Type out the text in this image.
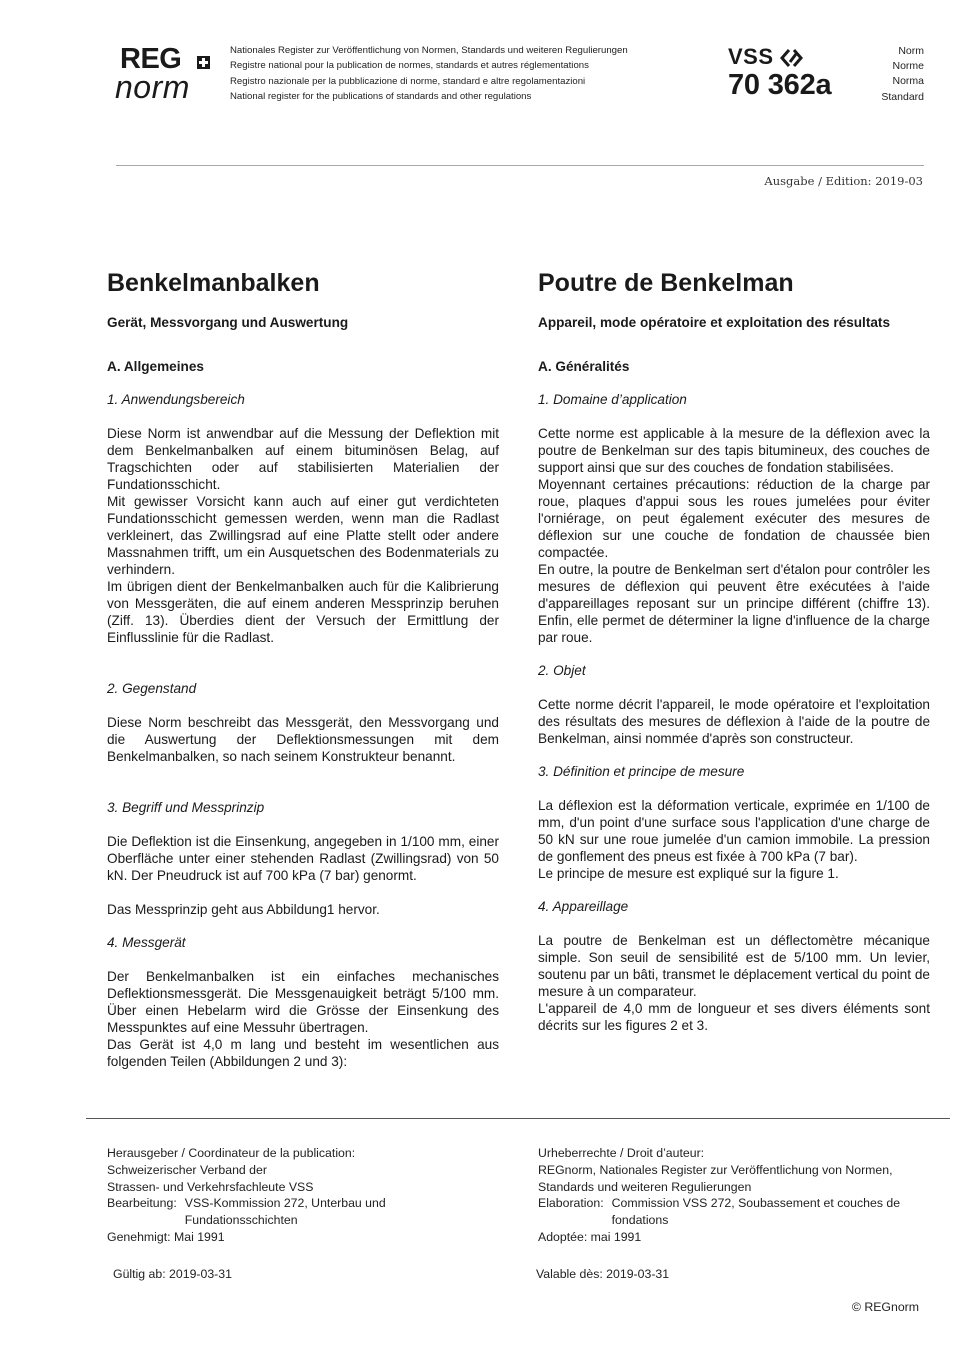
REG
norm
Nationales Register zur Veröffentlichung von Normen, Standards und weiteren Regulierungen
Registre national pour la publication de normes, standards et autres réglementations
Registro nazionale per la pubblicazione di norme, standard e altre regolamentazioni
National register for the publications of standards and other regulations
VSS
70 362a
Norm
Norme
Norma
Standard
Ausgabe / Edition: 2019-03
Benkelmanbalken
Gerät, Messvorgang und Auswertung
A. Allgemeines
1. Anwendungsbereich

Diese Norm ist anwendbar auf die Messung der Deflektion mit dem Benkelmanbalken auf einem bituminösen Belag, auf Tragschichten oder auf stabilisierten Materialien der Fundationsschicht.

Mit gewisser Vorsicht kann auch auf einer gut verdichteten Fundationsschicht gemessen werden, wenn man die Radlast verkleinert, das Zwillingsrad auf eine Platte stellt oder andere Massnahmen trifft, um ein Ausquetschen des Bodenmaterials zu verhindern.

Im übrigen dient der Benkelmanbalken auch für die Kalibrierung von Messgeräten, die auf einem anderen Messprinzip beruhen (Ziff. 13). Überdies dient der Versuch der Ermittlung der Einflusslinie für die Radlast.

2. Gegenstand

Diese Norm beschreibt das Messgerät, den Messvorgang und die Auswertung der Deflektionsmessungen mit dem Benkelmanbalken, so nach seinem Konstrukteur benannt.

3. Begriff und Messprinzip

Die Deflektion ist die Einsenkung, angegeben in 1/100 mm, einer Oberfläche unter einer stehenden Radlast (Zwillingsrad) von 50 kN. Der Pneudruck ist auf 700 kPa (7 bar) genormt.

Das Messprinzip geht aus Abbildung1 hervor.

4. Messgerät

Der Benkelmanbalken ist ein einfaches mechanisches Deflektionsmessgerät. Die Messgenauigkeit beträgt 5/100 mm. Über einen Hebelarm wird die Grösse der Einsenkung des Messpunktes auf eine Messuhr übertragen.

Das Gerät ist 4,0 m lang und besteht im wesentlichen aus folgenden Teilen (Abbildungen 2 und 3):

Poutre de Benkelman
Appareil, mode opératoire et exploitation des résultats
A. Généralités
1. Domaine d’application

Cette norme est applicable à la mesure de la déflexion avec la poutre de Benkelman sur des tapis bitumineux, des couches de support ainsi que sur des couches de fondation stabilisées.

Moyennant certaines précautions: réduction de la charge par roue, plaques d'appui sous les roues jumelées pour éviter l'orniérage, on peut également exécuter des mesures de déflexion sur une couche de fondation de chaussée bien compactée.

En outre, la poutre de Benkelman sert d'étalon pour contrôler les mesures de déflexion qui peuvent être exécutées à l'aide d'appareillages reposant sur un principe différent (chiffre 13). Enfin, elle permet de déterminer la ligne d'influence de la charge par roue.

2. Objet

Cette norme décrit l'appareil, le mode opératoire et l'exploitation des résultats des mesures de déflexion à l'aide de la poutre de Benkelman, ainsi nommée d'après son constructeur.

3. Définition et principe de mesure

La déflexion est la déformation verticale, exprimée en 1/100 de mm, d'un point d'une surface sous l'application d'une charge de 50 kN sur une roue jumelée d'un camion immobile. La pression de gonflement des pneus est fixée à 700 kPa (7 bar).

Le principe de mesure est expliqué sur la figure 1.

4. Appareillage

La poutre de Benkelman est un déflectomètre mécanique simple. Son seuil de sensibilité est de 5/100 mm. Un levier, soutenu par un bâti, transmet le déplacement vertical du point de mesure à un comparateur.

L'appareil de 4,0 mm de longueur et ses divers éléments sont décrits sur les figures 2 et 3.

Herausgeber / Coordinateur de la publication:
Schweizerischer Verband der
Strassen- und Verkehrsfachleute VSS
Bearbeitung: VSS-Kommission 272, Unterbau und Fundationsschichten
Genehmigt: Mai 1991
Urheberrechte / Droit d’auteur:
REGnorm, Nationales Register zur Veröffentlichung von Normen,
Standards und weiteren Regulierungen
Elaboration: Commission VSS 272, Soubassement et couches de fondations
Adoptée: mai 1991
Gültig ab: 2019-03-31	Valable dès: 2019-03-31
© REGnorm
